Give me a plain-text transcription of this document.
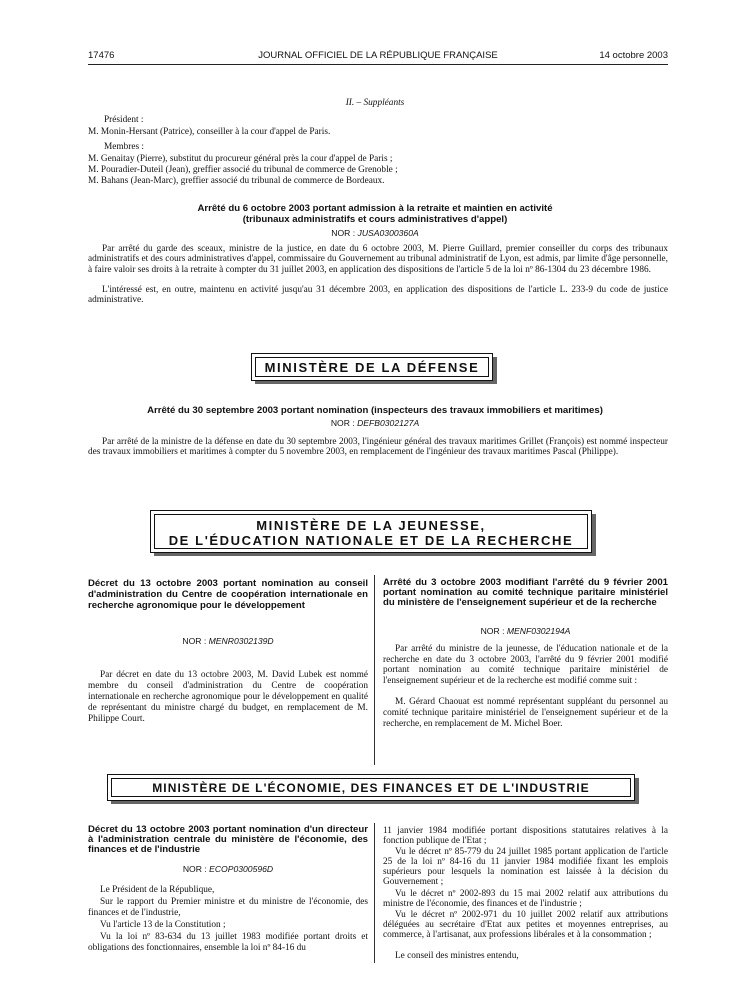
17476	JOURNAL OFFICIEL DE LA RÉPUBLIQUE FRANÇAISE	14 octobre 2003
II. – Suppléants
Président :
M. Monin-Hersant (Patrice), conseiller à la cour d'appel de Paris.
Membres :
M. Genaitay (Pierre), substitut du procureur général près la cour d'appel de Paris ;
M. Pouradier-Duteil (Jean), greffier associé du tribunal de commerce de Grenoble ;
M. Bahans (Jean-Marc), greffier associé du tribunal de commerce de Bordeaux.
Arrêté du 6 octobre 2003 portant admission à la retraite et maintien en activité
(tribunaux administratifs et cours administratives d'appel)
NOR : JUSA0300360A
Par arrêté du garde des sceaux, ministre de la justice, en date du 6 octobre 2003, M. Pierre Guillard, premier conseiller du corps des tribunaux administratifs et des cours administratives d'appel, commissaire du Gouvernement au tribunal administratif de Lyon, est admis, par limite d'âge personnelle, à faire valoir ses droits à la retraite à compter du 31 juillet 2003, en application des dispositions de l'article 5 de la loi nº 86-1304 du 23 décembre 1986.
L'intéressé est, en outre, maintenu en activité jusqu'au 31 décembre 2003, en application des dispositions de l'article L. 233-9 du code de justice administrative.
MINISTÈRE DE LA DÉFENSE
Arrêté du 30 septembre 2003 portant nomination (inspecteurs des travaux immobiliers et maritimes)
NOR : DEFB0302127A
Par arrêté de la ministre de la défense en date du 30 septembre 2003, l'ingénieur général des travaux maritimes Grillet (François) est nommé inspecteur des travaux immobiliers et maritimes à compter du 5 novembre 2003, en remplacement de l'ingénieur des travaux maritimes Pascal (Philippe).
MINISTÈRE DE LA JEUNESSE,
DE L'ÉDUCATION NATIONALE ET DE LA RECHERCHE
Décret du 13 octobre 2003 portant nomination au conseil d'administration du Centre de coopération internationale en recherche agronomique pour le développement
NOR : MENR0302139D
Par décret en date du 13 octobre 2003, M. David Lubek est nommé membre du conseil d'administration du Centre de coopération internationale en recherche agronomique pour le développement en qualité de représentant du ministre chargé du budget, en remplacement de M. Philippe Court.
Arrêté du 3 octobre 2003 modifiant l'arrêté du 9 février 2001 portant nomination au comité technique paritaire ministériel du ministère de l'enseignement supérieur et de la recherche
NOR : MENF0302194A
Par arrêté du ministre de la jeunesse, de l'éducation nationale et de la recherche en date du 3 octobre 2003, l'arrêté du 9 février 2001 modifié portant nomination au comité technique paritaire ministériel de l'enseignement supérieur et de la recherche est modifié comme suit :
M. Gérard Chaouat est nommé représentant suppléant du personnel au comité technique paritaire ministériel de l'enseignement supérieur et de la recherche, en remplacement de M. Michel Boer.
MINISTÈRE DE L'ÉCONOMIE, DES FINANCES ET DE L'INDUSTRIE
Décret du 13 octobre 2003 portant nomination d'un directeur à l'administration centrale du ministère de l'économie, des finances et de l'industrie
NOR : ECOP0300596D
Le Président de la République,
Sur le rapport du Premier ministre et du ministre de l'économie, des finances et de l'industrie,
Vu l'article 13 de la Constitution ;
Vu la loi nº 83-634 du 13 juillet 1983 modifiée portant droits et obligations des fonctionnaires, ensemble la loi nº 84-16 du
11 janvier 1984 modifiée portant dispositions statutaires relatives à la fonction publique de l'Etat ;
Vu le décret nº 85-779 du 24 juillet 1985 portant application de l'article 25 de la loi nº 84-16 du 11 janvier 1984 modifiée fixant les emplois supérieurs pour lesquels la nomination est laissée à la décision du Gouvernement ;
Vu le décret nº 2002-893 du 15 mai 2002 relatif aux attributions du ministre de l'économie, des finances et de l'industrie ;
Vu le décret nº 2002-971 du 10 juillet 2002 relatif aux attributions déléguées au secrétaire d'Etat aux petites et moyennes entreprises, au commerce, à l'artisanat, aux professions libérales et à la consommation ;
Le conseil des ministres entendu,
